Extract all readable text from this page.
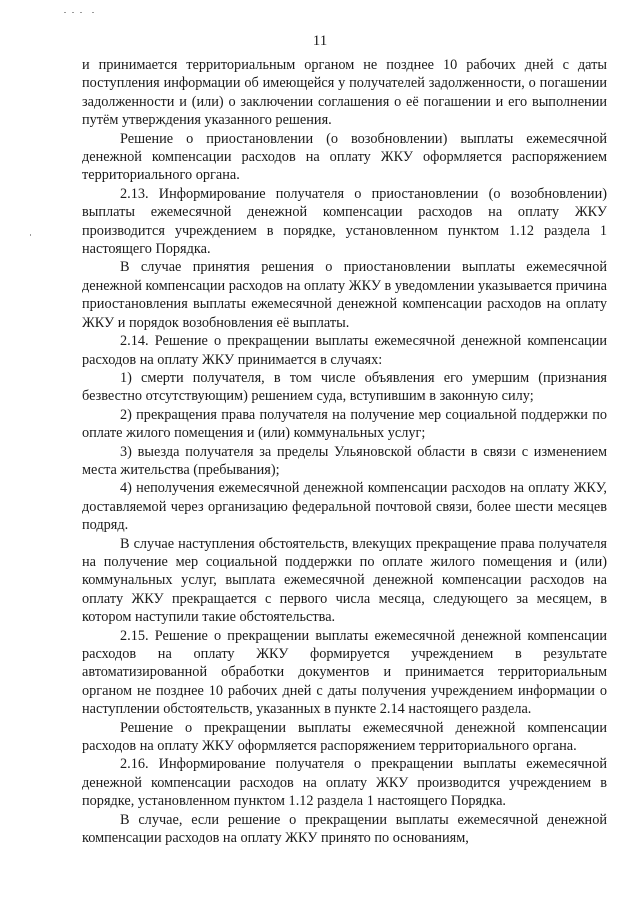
11

и принимается территориальным органом не позднее 10 рабочих дней с даты поступления информации об имеющейся у получателей задолженности, о погашении задолженности и (или) о заключении соглашения о её погашении и его выполнении путём утверждения указанного решения.

Решение о приостановлении (о возобновлении) выплаты ежемесячной денежной компенсации расходов на оплату ЖКУ оформляется распоряжением территориального органа.

2.13. Информирование получателя о приостановлении (о возобновлении) выплаты ежемесячной денежной компенсации расходов на оплату ЖКУ производится учреждением в порядке, установленном пунктом 1.12 раздела 1 настоящего Порядка.

В случае принятия решения о приостановлении выплаты ежемесячной денежной компенсации расходов на оплату ЖКУ в уведомлении указывается причина приостановления выплаты ежемесячной денежной компенсации расходов на оплату ЖКУ и порядок возобновления её выплаты.

2.14. Решение о прекращении выплаты ежемесячной денежной компенсации расходов на оплату ЖКУ принимается в случаях:

1) смерти получателя, в том числе объявления его умершим (признания безвестно отсутствующим) решением суда, вступившим в законную силу;

2) прекращения права получателя на получение мер социальной поддержки по оплате жилого помещения и (или) коммунальных услуг;

3) выезда получателя за пределы Ульяновской области в связи с изменением места жительства (пребывания);

4) неполучения ежемесячной денежной компенсации расходов на оплату ЖКУ, доставляемой через организацию федеральной почтовой связи, более шести месяцев подряд.

В случае наступления обстоятельств, влекущих прекращение права получателя на получение мер социальной поддержки по оплате жилого помещения и (или) коммунальных услуг, выплата ежемесячной денежной компенсации расходов на оплату ЖКУ прекращается с первого числа месяца, следующего за месяцем, в котором наступили такие обстоятельства.

2.15. Решение о прекращении выплаты ежемесячной денежной компенсации расходов на оплату ЖКУ формируется учреждением в результате автоматизированной обработки документов и принимается территориальным органом не позднее 10 рабочих дней с даты получения учреждением информации о наступлении обстоятельств, указанных в пункте 2.14 настоящего раздела.

Решение о прекращении выплаты ежемесячной денежной компенсации расходов на оплату ЖКУ оформляется распоряжением территориального органа.

2.16. Информирование получателя о прекращении выплаты ежемесячной денежной компенсации расходов на оплату ЖКУ производится учреждением в порядке, установленном пунктом 1.12 раздела 1 настоящего Порядка.

В случае, если решение о прекращении выплаты ежемесячной денежной компенсации расходов на оплату ЖКУ принято по основаниям,
